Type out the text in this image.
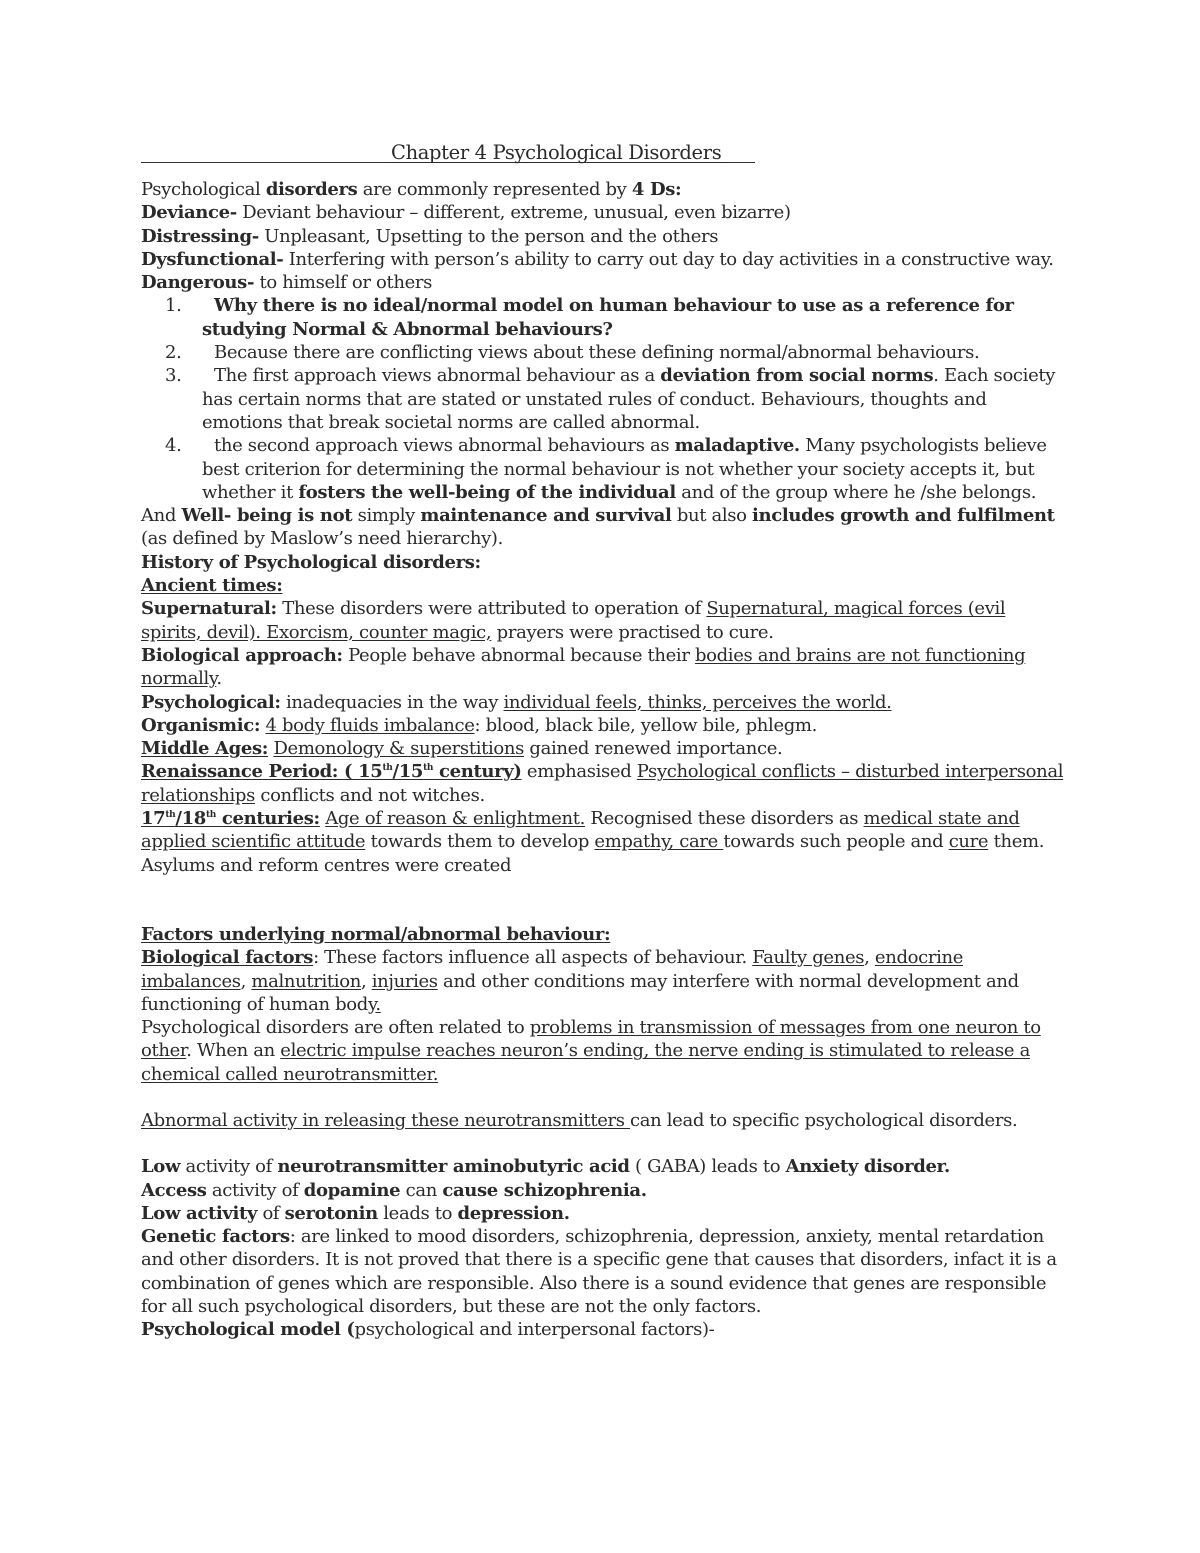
Chapter 4 Psychological Disorders

Psychological disorders are commonly represented by 4 Ds:

Deviance- Deviant behaviour – different, extreme, unusual, even bizarre)

Distressing- Unpleasant, Upsetting to the person and the others

Dysfunctional- Interfering with person’s ability to carry out day to day activities in a constructive way.

Dangerous- to himself or others

1. Why there is no ideal/normal model on human behaviour to use as a reference for studying Normal & Abnormal behaviours?
2. Because there are conflicting views about these defining normal/abnormal behaviours.
3. The first approach views abnormal behaviour as a deviation from social norms. Each society has certain norms that are stated or unstated rules of conduct. Behaviours, thoughts and emotions that break societal norms are called abnormal.
4. the second approach views abnormal behaviours as maladaptive. Many psychologists believe best criterion for determining the normal behaviour is not whether your society accepts it, but whether it fosters the well-being of the individual and of the group where he /she belongs.

And Well- being is not simply maintenance and survival but also includes growth and fulfilment (as defined by Maslow’s need hierarchy).

History of Psychological disorders:

Ancient times:

Supernatural: These disorders were attributed to operation of Supernatural, magical forces (evil spirits, devil). Exorcism, counter magic, prayers were practised to cure.

Biological approach: People behave abnormal because their bodies and brains are not functioning normally.

Psychological: inadequacies in the way individual feels, thinks, perceives the world.

Organismic: 4 body fluids imbalance: blood, black bile, yellow bile, phlegm.

Middle Ages: Demonology & superstitions gained renewed importance.

Renaissance Period: ( 15th/15th century) emphasised Psychological conflicts – disturbed interpersonal relationships conflicts and not witches.

17th/18th centuries: Age of reason & enlightment. Recognised these disorders as medical state and applied scientific attitude towards them to develop empathy, care towards such people and cure them. Asylums and reform centres were created

Factors underlying normal/abnormal behaviour:

Biological factors: These factors influence all aspects of behaviour. Faulty genes, endocrine imbalances, malnutrition, injuries and other conditions may interfere with normal development and functioning of human body.

Psychological disorders are often related to problems in transmission of messages from one neuron to other. When an electric impulse reaches neuron’s ending, the nerve ending is stimulated to release a chemical called neurotransmitter.

Abnormal activity in releasing these neurotransmitters can lead to specific psychological disorders.

Low activity of neurotransmitter aminobutyric acid ( GABA) leads to Anxiety disorder.

Access activity of dopamine can cause schizophrenia.

Low activity of serotonin leads to depression.

Genetic factors: are linked to mood disorders, schizophrenia, depression, anxiety, mental retardation and other disorders. It is not proved that there is a specific gene that causes that disorders, infact it is a combination of genes which are responsible. Also there is a sound evidence that genes are responsible for all such psychological disorders, but these are not the only factors.

Psychological model (psychological and interpersonal factors)-
